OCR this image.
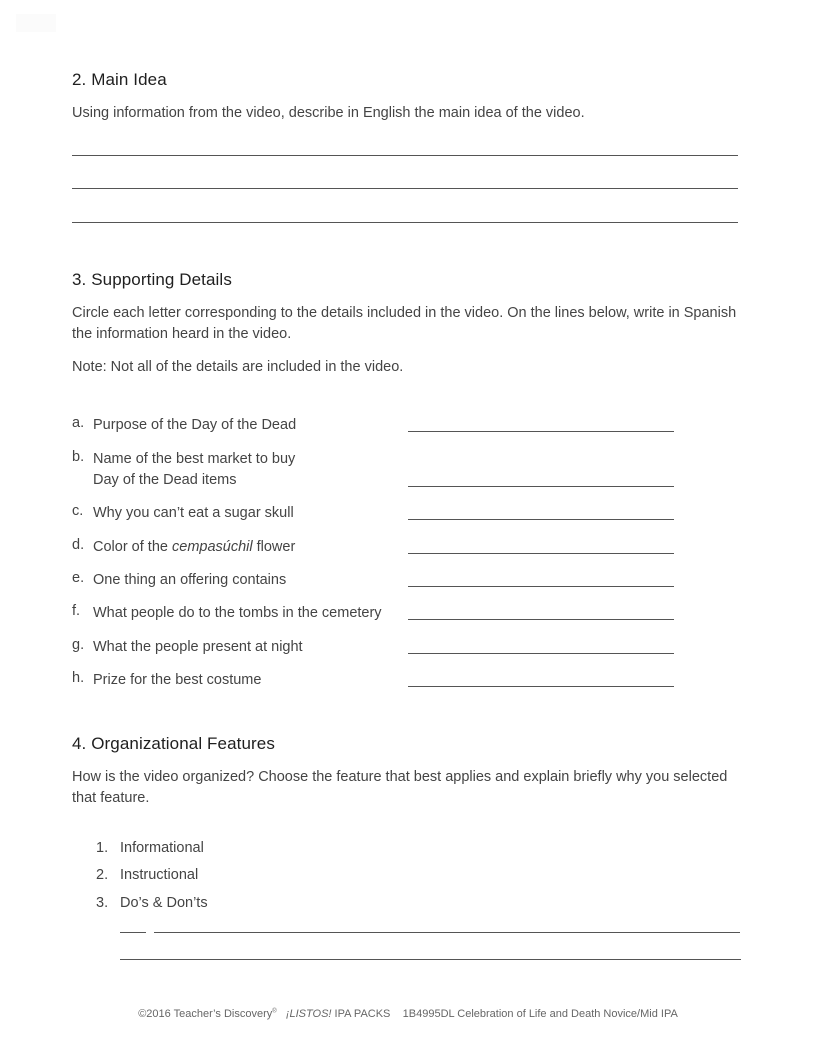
2. Main Idea

Using information from the video, describe in English the main idea of the video.

3. Supporting Details

Circle each letter corresponding to the details included in the video. On the lines below, write in Spanish the information heard in the video.

Note: Not all of the details are included in the video.

a. Purpose of the Day of the Dead
b. Name of the best market to buy
Day of the Dead items
c. Why you can’t eat a sugar skull
d. Color of the cempasúchil flower
e. One thing an offering contains
f. What people do to the tombs in the cemetery
g. What the people present at night
h. Prize for the best costume
4. Organizational Features

How is the video organized? Choose the feature that best applies and explain briefly why you selected that feature.

1. Informational
2. Instructional
3. Do’s & Don’ts
©2016 Teacher’s Discovery® ¡LISTOS! IPA PACKS 1B4995DL Celebration of Life and Death Novice/Mid IPA
